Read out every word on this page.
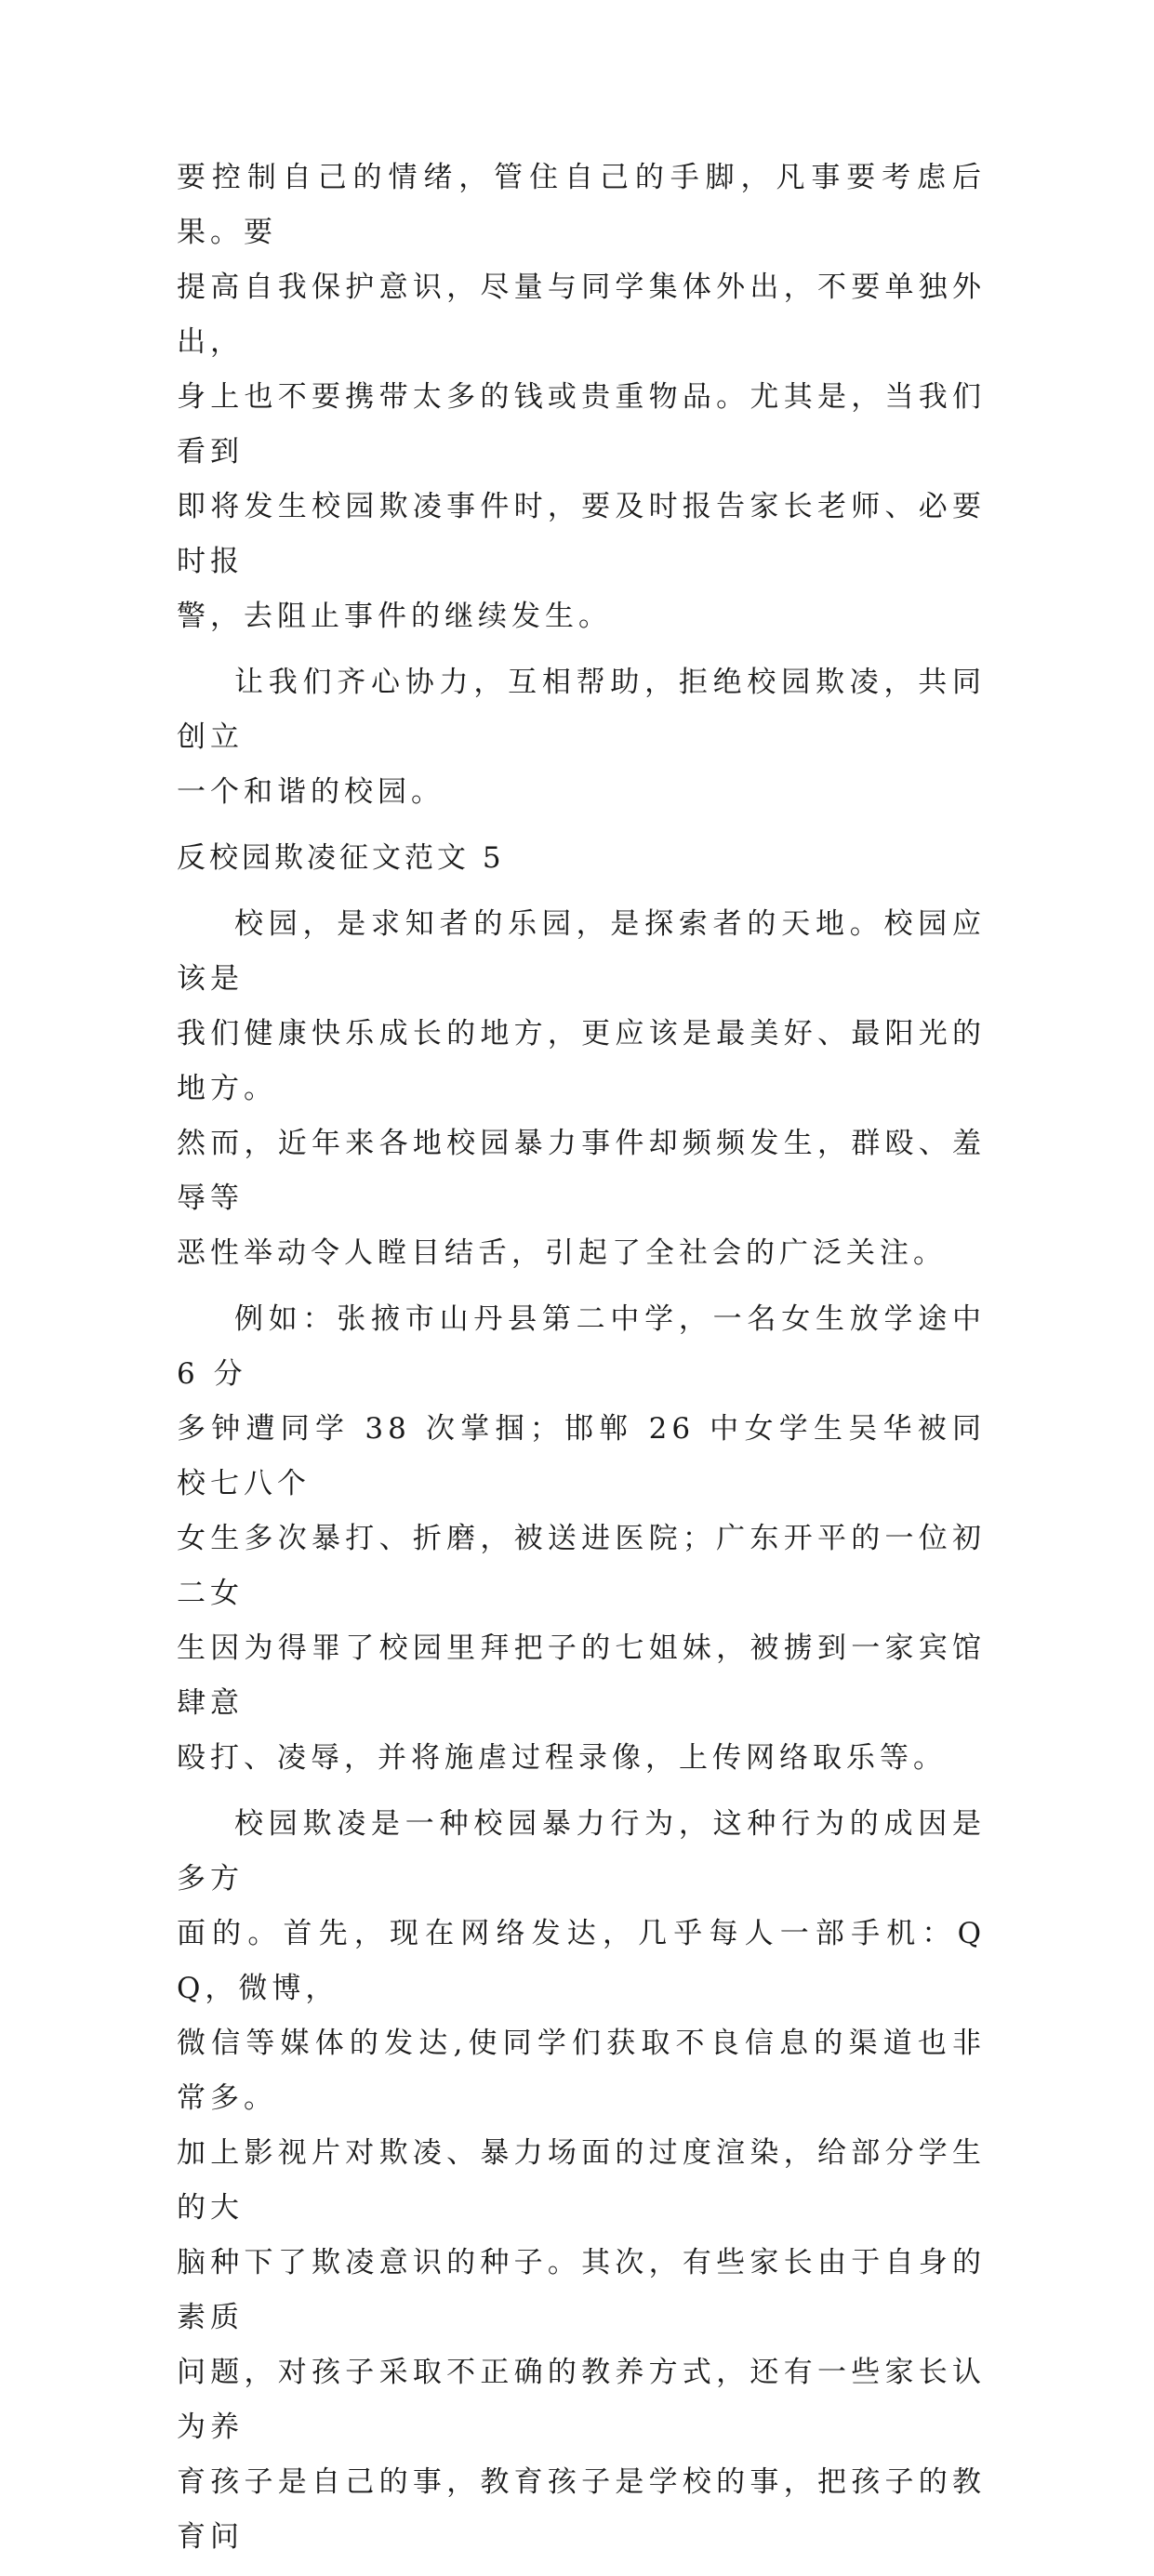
要控制自己的情绪，管住自己的手脚，凡事要考虑后果。要
提高自我保护意识，尽量与同学集体外出，不要单独外出，
身上也不要携带太多的钱或贵重物品。尤其是，当我们看到
即将发生校园欺凌事件时，要及时报告家长老师、必要时报
警，去阻止事件的继续发生。
让我们齐心协力，互相帮助，拒绝校园欺凌，共同创立
一个和谐的校园。
反校园欺凌征文范文 5
校园，是求知者的乐园，是探索者的天地。校园应该是
我们健康快乐成长的地方，更应该是最美好、最阳光的地方。
然而，近年来各地校园暴力事件却频频发生，群殴、羞辱等
恶性举动令人瞠目结舌，引起了全社会的广泛关注。
例如：张掖市山丹县第二中学，一名女生放学途中 6 分
多钟遭同学 38 次掌掴；邯郸 26 中女学生吴华被同校七八个
女生多次暴打、折磨，被送进医院；广东开平的一位初二女
生因为得罪了校园里拜把子的七姐妹，被掳到一家宾馆肆意
殴打、凌辱，并将施虐过程录像，上传网络取乐等。
校园欺凌是一种校园暴力行为，这种行为的成因是多方
面的。首先，现在网络发达，几乎每人一部手机：QQ，微博，
微信等媒体的发达,使同学们获取不良信息的渠道也非常多。
加上影视片对欺凌、暴力场面的过度渲染，给部分学生的大
脑种下了欺凌意识的种子。其次，有些家长由于自身的素质
问题，对孩子采取不正确的教养方式，还有一些家长认为养
育孩子是自己的事，教育孩子是学校的事，把孩子的教育问
